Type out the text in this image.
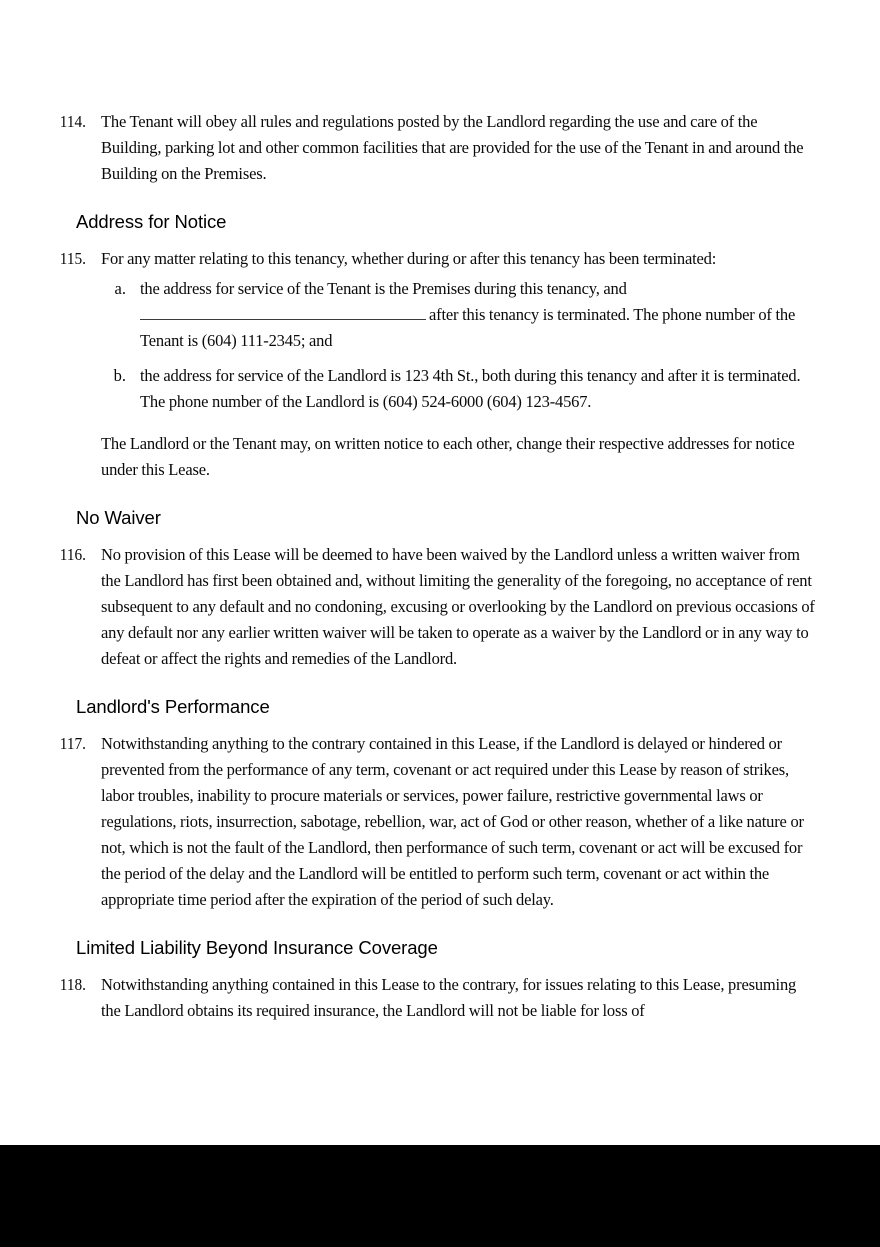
114. The Tenant will obey all rules and regulations posted by the Landlord regarding the use and care of the Building, parking lot and other common facilities that are provided for the use of the Tenant in and around the Building on the Premises.
Address for Notice
115. For any matter relating to this tenancy, whether during or after this tenancy has been terminated:
a. the address for service of the Tenant is the Premises during this tenancy, and after this tenancy is terminated. The phone number of the Tenant is (604) 111-2345; and
b. the address for service of the Landlord is 123 4th St., both during this tenancy and after it is terminated. The phone number of the Landlord is (604) 524-6000 (604) 123-4567.

The Landlord or the Tenant may, on written notice to each other, change their respective addresses for notice under this Lease.

No Waiver
116. No provision of this Lease will be deemed to have been waived by the Landlord unless a written waiver from the Landlord has first been obtained and, without limiting the generality of the foregoing, no acceptance of rent subsequent to any default and no condoning, excusing or overlooking by the Landlord on previous occasions of any default nor any earlier written waiver will be taken to operate as a waiver by the Landlord or in any way to defeat or affect the rights and remedies of the Landlord.
Landlord's Performance
117. Notwithstanding anything to the contrary contained in this Lease, if the Landlord is delayed or hindered or prevented from the performance of any term, covenant or act required under this Lease by reason of strikes, labor troubles, inability to procure materials or services, power failure, restrictive governmental laws or regulations, riots, insurrection, sabotage, rebellion, war, act of God or other reason, whether of a like nature or not, which is not the fault of the Landlord, then performance of such term, covenant or act will be excused for the period of the delay and the Landlord will be entitled to perform such term, covenant or act within the appropriate time period after the expiration of the period of such delay.
Limited Liability Beyond Insurance Coverage
118. Notwithstanding anything contained in this Lease to the contrary, for issues relating to this Lease, presuming the Landlord obtains its required insurance, the Landlord will not be liable for loss of
